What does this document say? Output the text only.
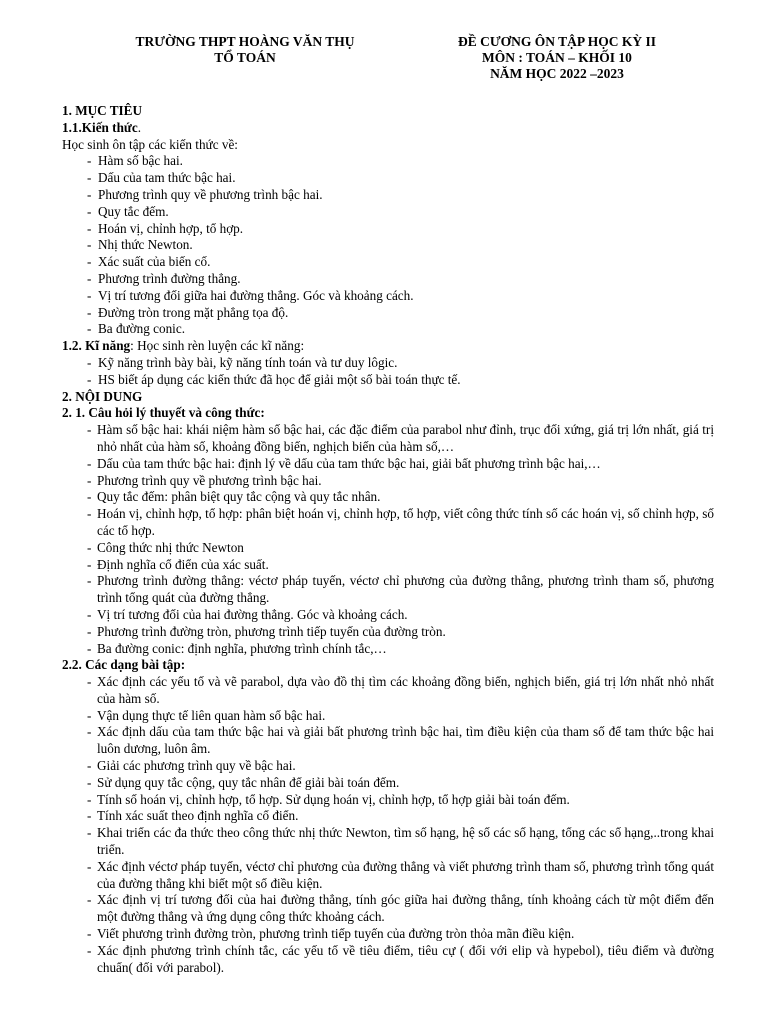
TRƯỜNG THPT HOÀNG VĂN THỤ
TỔ TOÁN
ĐỀ CƯƠNG ÔN TẬP HỌC KỲ II
MÔN : TOÁN – KHỐI 10
NĂM HỌC 2022 –2023
1. MỤC TIÊU
1.1.Kiến thức.
Học sinh ôn tập các kiến thức về:
- Hàm số bậc hai.
- Dấu của tam thức bậc hai.
- Phương trình quy về phương trình bậc hai.
- Quy tắc đếm.
- Hoán vị, chỉnh hợp, tổ hợp.
- Nhị thức Newton.
- Xác suất của biến cố.
- Phương trình đường thẳng.
- Vị trí tương đối giữa hai đường thẳng. Góc và khoảng cách.
- Đường tròn trong mặt phẳng tọa độ.
- Ba đường conic.
1.2. Kĩ năng: Học sinh rèn luyện các kĩ năng:
- Kỹ năng trình bày bài, kỹ năng tính toán và tư duy lôgic.
- HS biết áp dụng các kiến thức đã học để giải một số bài toán thực tế.
2. NỘI DUNG
2. 1. Câu hỏi lý thuyết và công thức:
- Hàm số bậc hai: khái niệm hàm số bậc hai, các đặc điểm của parabol như đỉnh, trục đối xứng, giá trị lớn nhất, giá trị nhỏ nhất của hàm số, khoảng đồng biến, nghịch biến của hàm số,…
- Dấu của tam thức bậc hai: định lý về dấu của tam thức bậc hai, giải bất phương trình bậc hai,…
- Phương trình quy về phương trình bậc hai.
- Quy tắc đếm: phân biệt quy tắc cộng và quy tắc nhân.
- Hoán vị, chỉnh hợp, tổ hợp: phân biệt hoán vị, chỉnh hợp, tổ hợp, viết công thức tính số các hoán vị, số chỉnh hợp, số các tổ hợp.
- Công thức nhị thức Newton
- Định nghĩa cổ điển của xác suất.
- Phương trình đường thẳng: véctơ pháp tuyến, véctơ chỉ phương của đường thẳng, phương trình tham số, phương trình tổng quát của đường thẳng.
- Vị trí tương đối của hai đường thẳng. Góc và khoảng cách.
- Phương trình đường tròn, phương trình tiếp tuyến của đường tròn.
- Ba đường conic: định nghĩa, phương trình chính tắc,…
2.2. Các dạng bài tập:
- Xác định các yếu tố và vẽ parabol, dựa vào đồ thị tìm các khoảng đồng biến, nghịch biến, giá trị lớn nhất nhỏ nhất của hàm số.
- Vận dụng thực tế liên quan hàm số bậc hai.
- Xác định dấu của tam thức bậc hai và giải bất phương trình bậc hai, tìm điều kiện của tham số để tam thức bậc hai luôn dương, luôn âm.
- Giải các phương trình quy về bậc hai.
- Sử dụng quy tắc cộng, quy tắc nhân để giải bài toán đếm.
- Tính số hoán vị, chỉnh hợp, tổ hợp. Sử dụng hoán vị, chỉnh hợp, tổ hợp giải bài toán đếm.
- Tính xác suất theo định nghĩa cổ điển.
- Khai triển các đa thức theo công thức nhị thức Newton, tìm số hạng, hệ số các số hạng, tổng các số hạng,..trong khai triển.
- Xác định véctơ pháp tuyến, véctơ chỉ phương của đường thẳng và viết phương trình tham số, phương trình tổng quát của đường thẳng khi biết một số điều kiện.
- Xác định vị trí tương đối của hai đường thẳng, tính góc giữa hai đường thẳng, tính khoảng cách từ một điểm đến một đường thẳng và ứng dụng công thức khoảng cách.
- Viết phương trình đường tròn, phương trình tiếp tuyến của đường tròn thỏa mãn điều kiện.
- Xác định phương trình chính tắc, các yếu tố về tiêu điểm, tiêu cự ( đối với elip và hypebol), tiêu điểm và đường chuẩn( đối với parabol).
